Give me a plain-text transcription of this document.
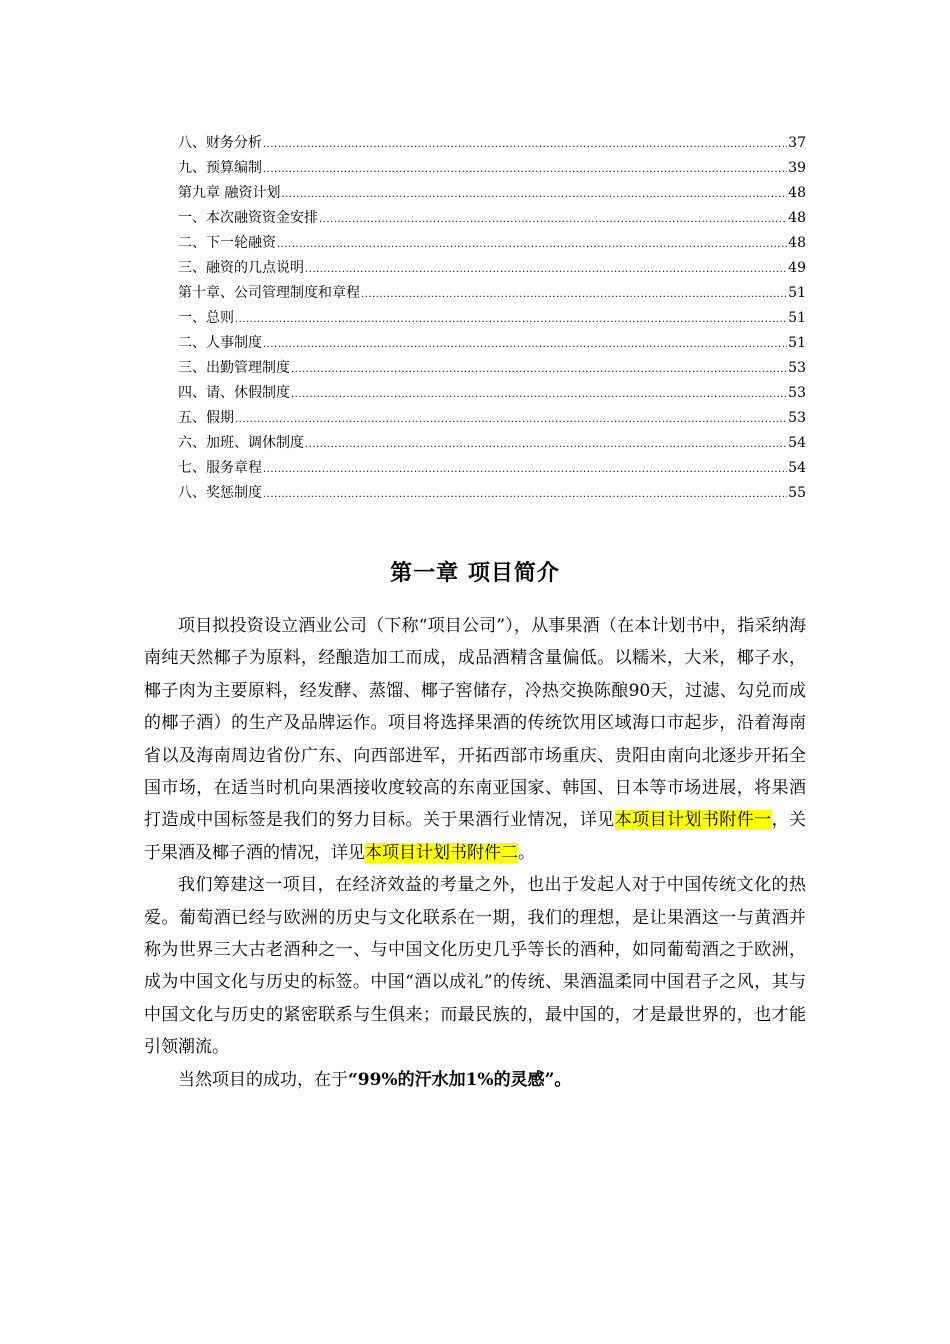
八、财务分析 .....	37
九、预算编制 .....	39
第九章 融资计划 .....	48
一、本次融资资金安排 .....	48
二、下一轮融资 .....	48
三、融资的几点说明 .....	49
第十章、公司管理制度和章程 .....	51
一、总则 .....	51
二、人事制度 .....	51
三、出勤管理制度 .....	53
四、请、休假制度 .....	53
五、假期 .....	53
六、加班、调休制度 .....	54
七、服务章程 .....	54
八、奖惩制度 .....	55
第一章 项目简介

项目拟投资设立酒业公司（下称“项目公司”），从事果酒（在本计划书中，指采纳海南纯天然椰子为原料，经酿造加工而成，成品酒精含量偏低。以糯米，大米，椰子水，椰子肉为主要原料，经发酵、蒸馏、椰子窖储存，冷热交换陈酿90天，过滤、勾兑而成的椰子酒）的生产及品牌运作。项目将选择果酒的传统饮用区域海口市起步，沿着海南省以及海南周边省份广东、向西部进军，开拓西部市场重庆、贵阳由南向北逐步开拓全国市场，在适当时机向果酒接收度较高的东南亚国家、韩国、日本等市场进展，将果酒打造成中国标签是我们的努力目标。关于果酒行业情况，详见本项目计划书附件一，关于果酒及椰子酒的情况，详见本项目计划书附件二。

我们筹建这一项目，在经济效益的考量之外，也出于发起人对于中国传统文化的热爱。葡萄酒已经与欧洲的历史与文化联系在一期，我们的理想，是让果酒这一与黄酒并称为世界三大古老酒种之一、与中国文化历史几乎等长的酒种，如同葡萄酒之于欧洲，成为中国文化与历史的标签。中国“酒以成礼”的传统、果酒温柔同中国君子之风，其与中国文化与历史的紧密联系与生俱来；而最民族的，最中国的，才是最世界的，也才能引领潮流。

当然项目的成功，在于“99%的汗水加1%的灵感”。
